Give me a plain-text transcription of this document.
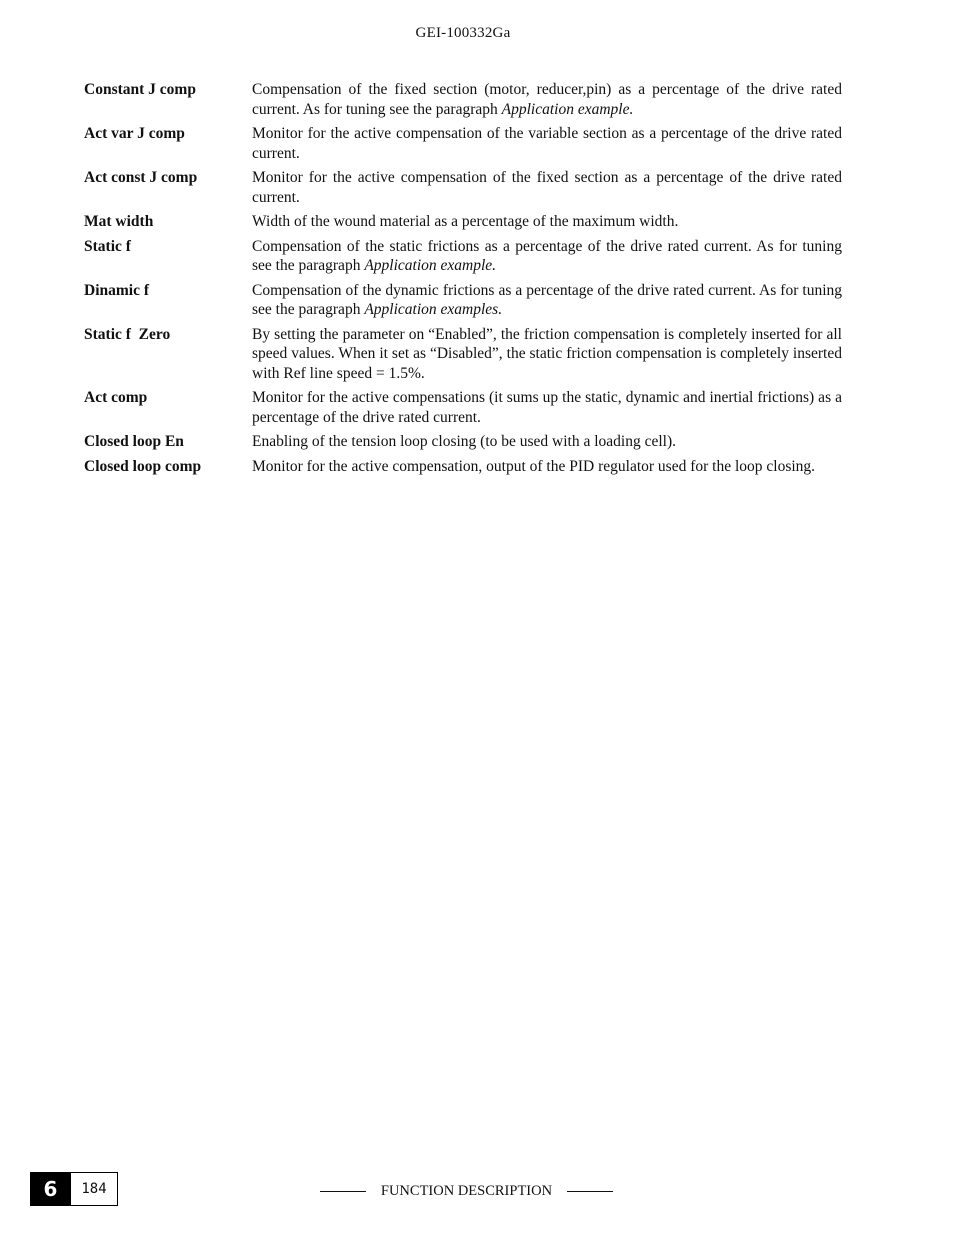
GEI-100332Ga
Constant J comp	Compensation of the fixed section (motor, reducer,pin) as a percentage of the drive rated current. As for tuning see the paragraph Application example.
Act var J comp	Monitor for the active compensation of the variable section as a percentage of the drive rated current.
Act const J comp	Monitor for the active compensation of the fixed section as a percentage of the drive rated current.
Mat width	Width of the wound material as a percentage of the maximum width.
Static f	Compensation of the static frictions as a percentage of the drive rated current. As for tuning see the paragraph Application example.
Dinamic f	Compensation of the dynamic frictions as a percentage of the drive rated current. As for tuning see the paragraph Application examples.
Static f  Zero	By setting the parameter on “Enabled”, the friction compensation is completely inserted for all speed values. When it set as “Disabled”, the static friction compensation is completely inserted with Ref line speed = 1.5%.
Act comp	Monitor for the active compensations (it sums up the static, dynamic and inertial frictions) as a percentage of the drive rated current.
Closed loop En	Enabling of the tension loop closing (to be used with a loading cell).
Closed loop comp	Monitor for the active compensation, output of the PID regulator used for the loop closing.
6	184	FUNCTION DESCRIPTION
